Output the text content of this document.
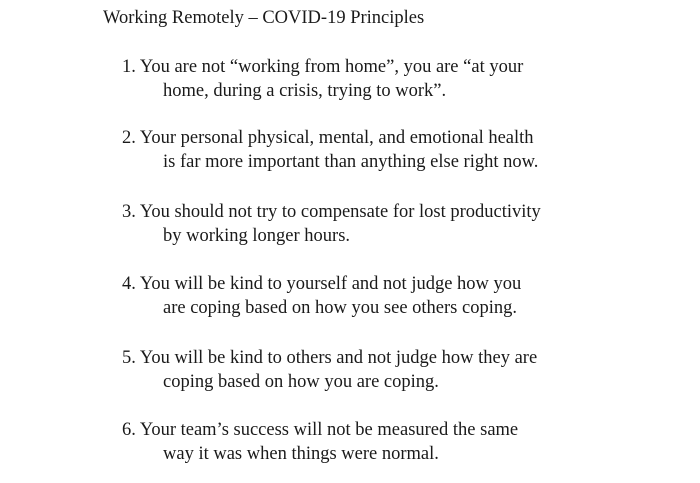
Working Remotely – COVID-19 Principles
1. You are not “working from home”, you are “at your
home, during a crisis, trying to work”.
2. Your personal physical, mental, and emotional health
is far more important than anything else right now.
3. You should not try to compensate for lost productivity
by working longer hours.
4. You will be kind to yourself and not judge how you
are coping based on how you see others coping.
5. You will be kind to others and not judge how they are
coping based on how you are coping.
6. Your team’s success will not be measured the same
way it was when things were normal.
